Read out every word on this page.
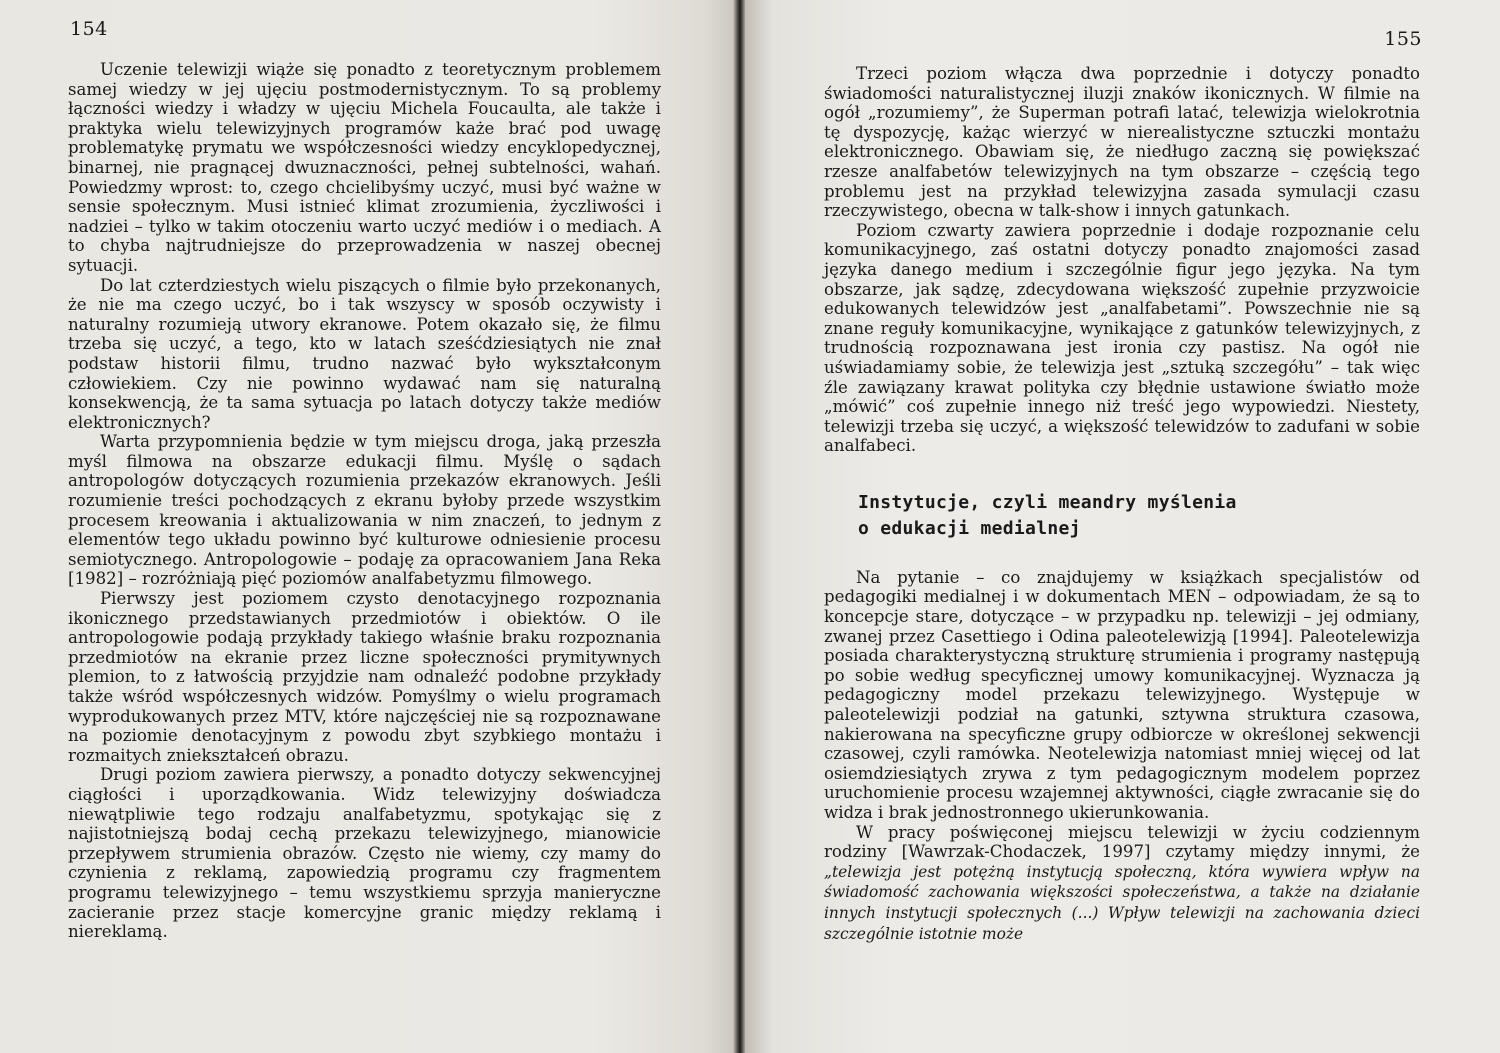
154

Uczenie telewizji wiąże się ponadto z teoretycznym problemem samej wiedzy w jej ujęciu postmodernistycznym. To są problemy łączności wiedzy i władzy w ujęciu Michela Foucaulta, ale także i praktyka wielu telewizyjnych programów każe brać pod uwagę problematykę prymatu we współczesności wiedzy encyklopedycznej, binarnej, nie pragnącej dwuznaczności, pełnej subtelności, wahań. Powiedzmy wprost: to, czego chcielibyśmy uczyć, musi być ważne w sensie społecznym. Musi istnieć klimat zrozumienia, życzliwości i nadziei – tylko w takim otoczeniu warto uczyć mediów i o mediach. A to chyba najtrudniejsze do przeprowadzenia w naszej obecnej sytuacji.

Do lat czterdziestych wielu piszących o filmie było przekonanych, że nie ma czego uczyć, bo i tak wszyscy w sposób oczywisty i naturalny rozumieją utwory ekranowe. Potem okazało się, że filmu trzeba się uczyć, a tego, kto w latach sześćdziesiątych nie znał podstaw historii filmu, trudno nazwać było wykształconym człowiekiem. Czy nie powinno wydawać nam się naturalną konsekwencją, że ta sama sytuacja po latach dotyczy także mediów elektronicznych?

Warta przypomnienia będzie w tym miejscu droga, jaką przeszła myśl filmowa na obszarze edukacji filmu. Myślę o sądach antropologów dotyczących rozumienia przekazów ekranowych. Jeśli rozumienie treści pochodzących z ekranu byłoby przede wszystkim procesem kreowania i aktualizowania w nim znaczeń, to jednym z elementów tego układu powinno być kulturowe odniesienie procesu semiotycznego. Antropologowie – podaję za opracowaniem Jana Reka [1982] – rozróżniają pięć poziomów analfabetyzmu filmowego.

Pierwszy jest poziomem czysto denotacyjnego rozpoznania ikonicznego przedstawianych przedmiotów i obiektów. O ile antropologowie podają przykłady takiego właśnie braku rozpoznania przedmiotów na ekranie przez liczne społeczności prymitywnych plemion, to z łatwością przyjdzie nam odnaleźć podobne przykłady także wśród współczesnych widzów. Pomyślmy o wielu programach wyprodukowanych przez MTV, które najczęściej nie są rozpoznawane na poziomie denotacyjnym z powodu zbyt szybkiego montażu i rozmaitych zniekształceń obrazu.

Drugi poziom zawiera pierwszy, a ponadto dotyczy sekwencyjnej ciągłości i uporządkowania. Widz telewizyjny doświadcza niewątpliwie tego rodzaju analfabetyzmu, spotykając się z najistotniejszą bodaj cechą przekazu telewizyjnego, mianowicie przepływem strumienia obrazów. Często nie wiemy, czy mamy do czynienia z reklamą, zapowiedzią programu czy fragmentem programu telewizyjnego – temu wszystkiemu sprzyja manieryczne zacieranie przez stacje komercyjne granic między reklamą i niereklamą.

155

Trzeci poziom włącza dwa poprzednie i dotyczy ponadto świadomości naturalistycznej iluzji znaków ikonicznych. W filmie na ogół „rozumiemy”, że Superman potrafi latać, telewizja wielokrotnia tę dyspozycję, każąc wierzyć w nierealistyczne sztuczki montażu elektronicznego. Obawiam się, że niedługo zaczną się powiększać rzesze analfabetów telewizyjnych na tym obszarze – częścią tego problemu jest na przykład telewizyjna zasada symulacji czasu rzeczywistego, obecna w talk-show i innych gatunkach.

Poziom czwarty zawiera poprzednie i dodaje rozpoznanie celu komunikacyjnego, zaś ostatni dotyczy ponadto znajomości zasad języka danego medium i szczególnie figur jego języka. Na tym obszarze, jak sądzę, zdecydowana większość zupełnie przyzwoicie edukowanych telewidzów jest „analfabetami”. Powszechnie nie są znane reguły komunikacyjne, wynikające z gatunków telewizyjnych, z trudnością rozpoznawana jest ironia czy pastisz. Na ogół nie uświadamiamy sobie, że telewizja jest „sztuką szczegółu” – tak więc źle zawiązany krawat polityka czy błędnie ustawione światło może „mówić” coś zupełnie innego niż treść jego wypowiedzi. Niestety, telewizji trzeba się uczyć, a większość telewidzów to zadufani w sobie analfabeci.

Instytucje, czyli meandry myślenia
o edukacji medialnej

Na pytanie – co znajdujemy w książkach specjalistów od pedagogiki medialnej i w dokumentach MEN – odpowiadam, że są to koncepcje stare, dotyczące – w przypadku np. telewizji – jej odmiany, zwanej przez Casettiego i Odina paleotelewizją [1994]. Paleotelewizja posiada charakterystyczną strukturę strumienia i programy następują po sobie według specyficznej umowy komunikacyjnej. Wyznacza ją pedagogiczny model przekazu telewizyjnego. Występuje w paleotelewizji podział na gatunki, sztywna struktura czasowa, nakierowana na specyficzne grupy odbiorcze w określonej sekwencji czasowej, czyli ramówka. Neotelewizja natomiast mniej więcej od lat osiemdziesiątych zrywa z tym pedagogicznym modelem poprzez uruchomienie procesu wzajemnej aktywności, ciągłe zwracanie się do widza i brak jednostronnego ukierunkowania.

W pracy poświęconej miejscu telewizji w życiu codziennym rodziny [Wawrzak-Chodaczek, 1997] czytamy między innymi, że „telewizja jest potężną instytucją społeczną, która wywiera wpływ na świadomość zachowania większości społeczeństwa, a także na działanie innych instytucji społecznych (...) Wpływ telewizji na zachowania dzieci szczególnie istotnie może
